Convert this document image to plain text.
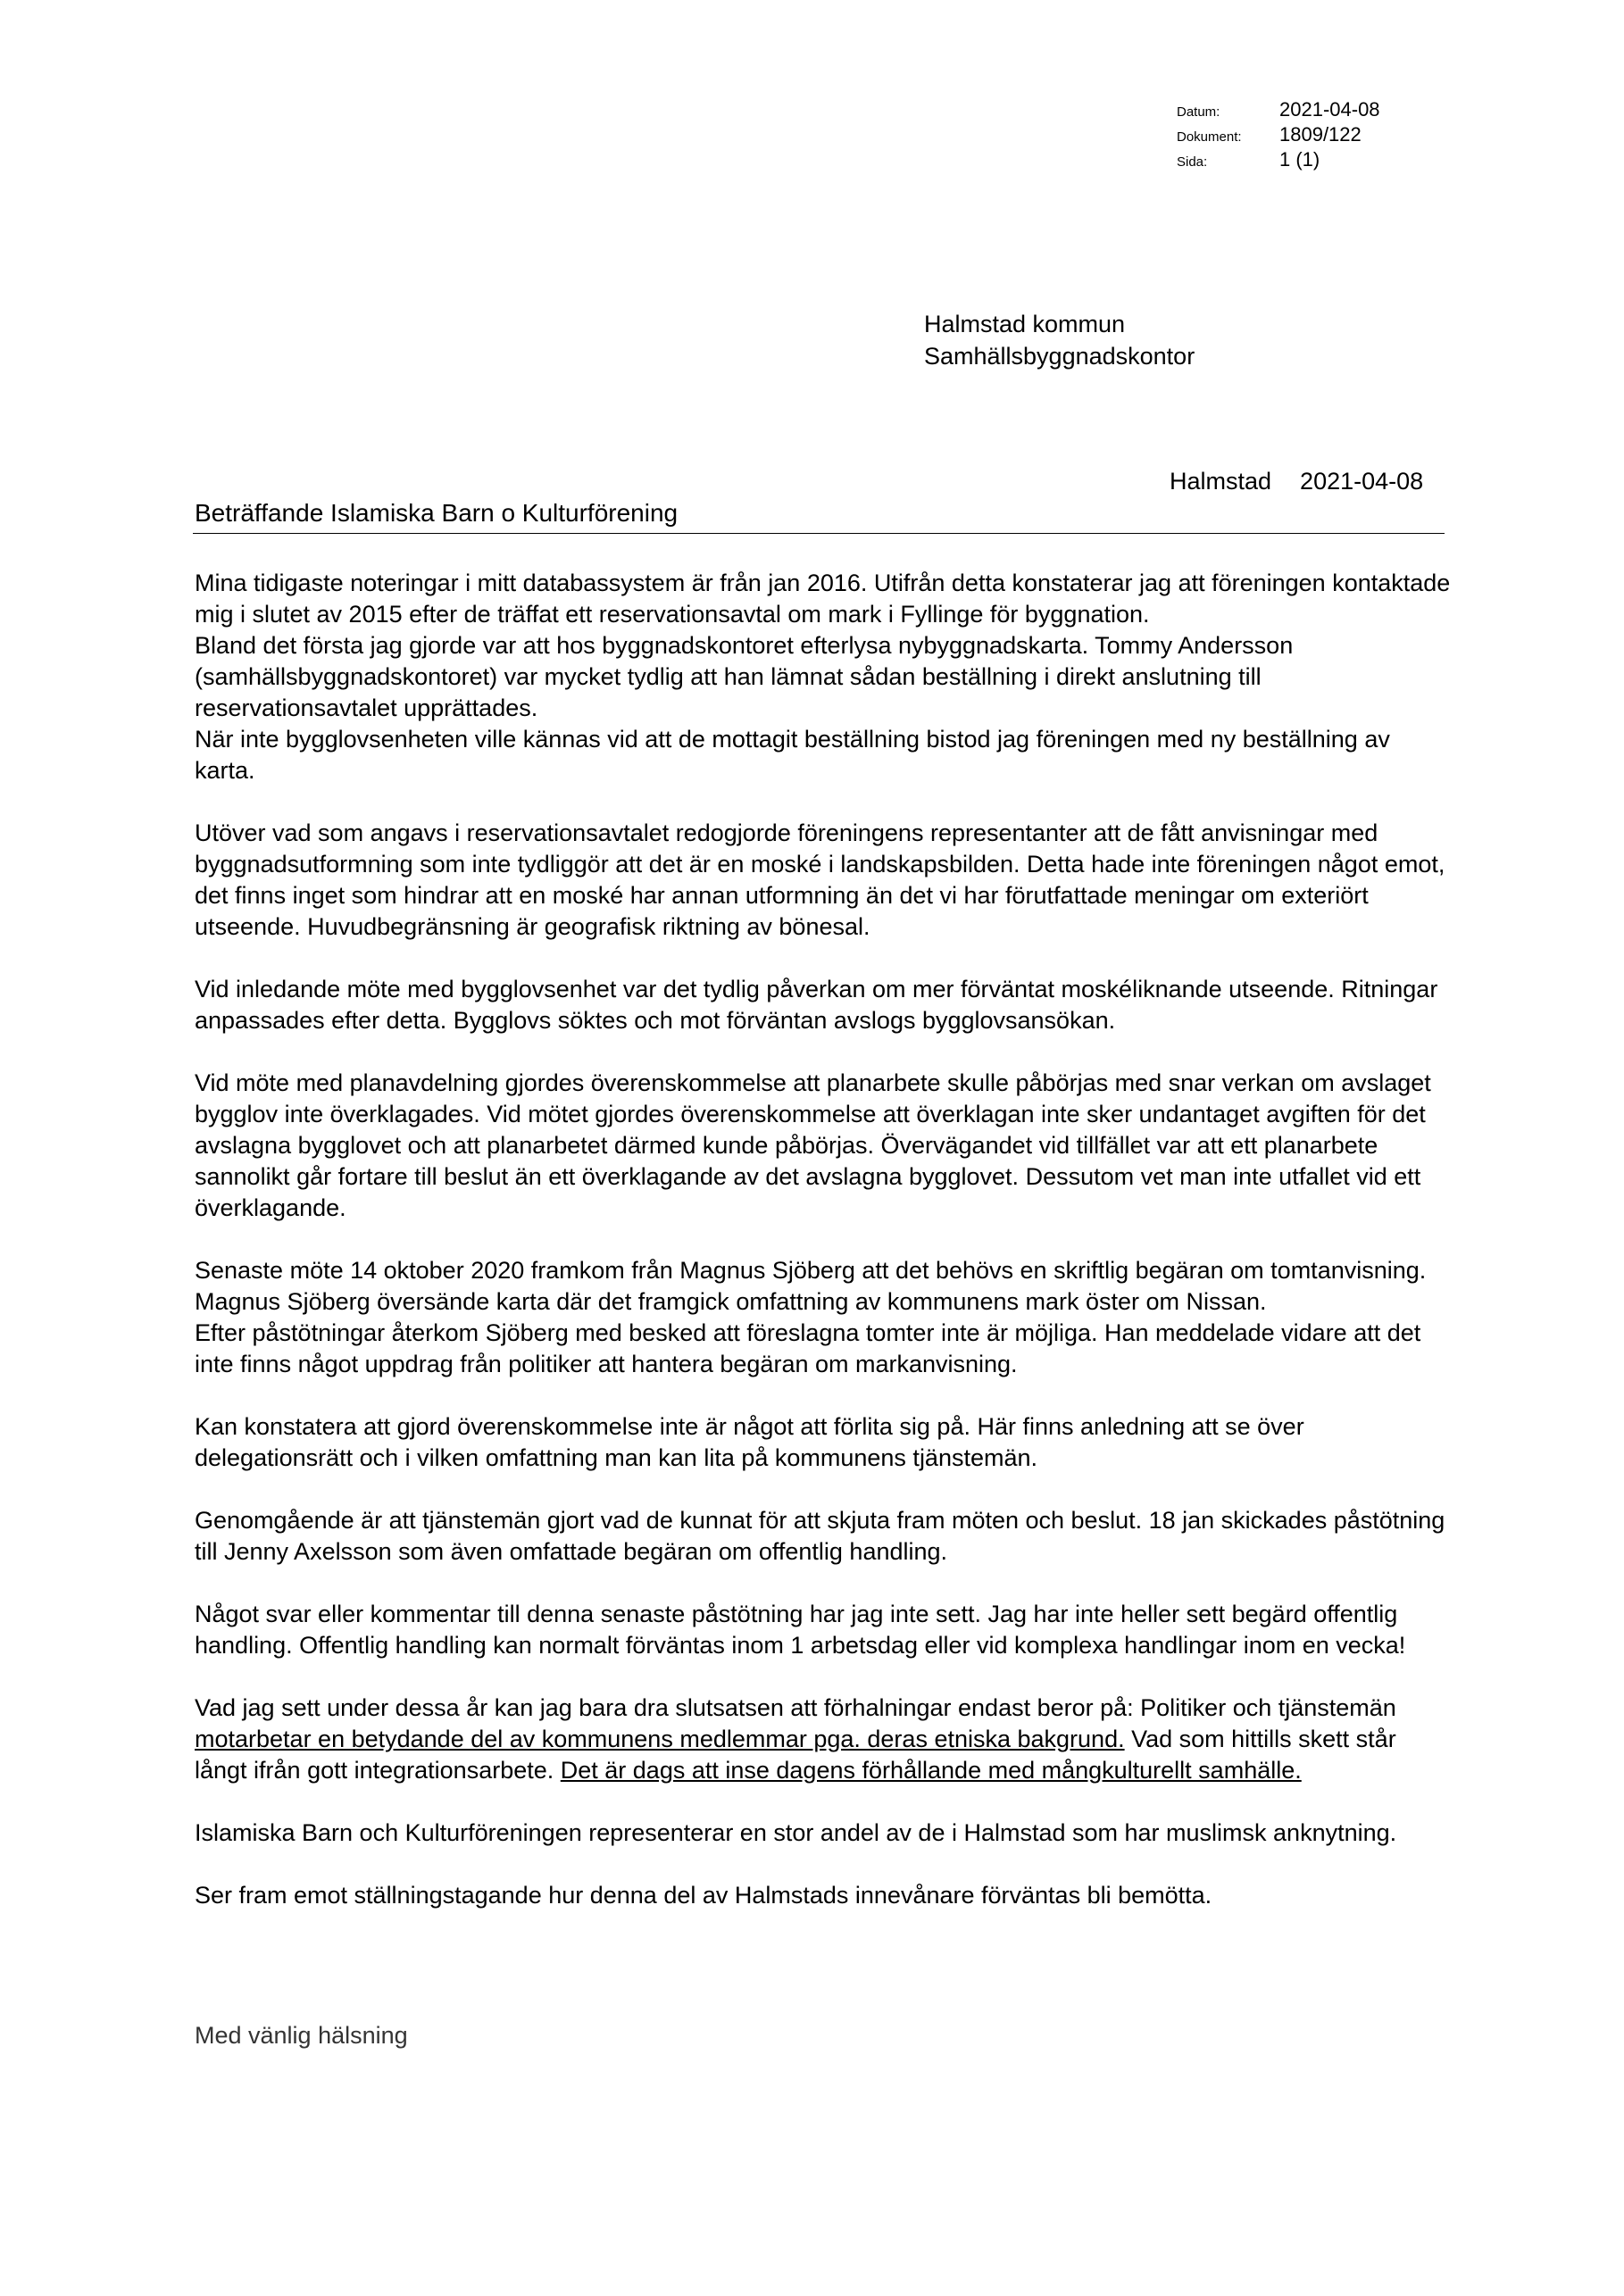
Datum:	2021-04-08
Dokument:	1809/122
Sida:	1 (1)
Halmstad kommun
Samhällsbyggnadskontor
Halmstad 2021-04-08
Beträffande Islamiska Barn o Kulturförening
Mina tidigaste noteringar i mitt databassystem är från jan 2016. Utifrån detta konstaterar jag att föreningen kontaktade mig i slutet av 2015 efter de träffat ett reservationsavtal om mark i Fyllinge för byggnation.
Bland det första jag gjorde var att hos byggnadskontoret efterlysa nybyggnadskarta. Tommy Andersson (samhällsbyggnadskontoret) var mycket tydlig att han lämnat sådan beställning i direkt anslutning till reservationsavtalet upprättades.
När inte bygglovsenheten ville kännas vid att de mottagit beställning bistod jag föreningen med ny beställning av karta.
Utöver vad som angavs i reservationsavtalet redogjorde föreningens representanter att de fått anvisningar med byggnadsutformning som inte tydliggör att det är en moské i landskapsbilden. Detta hade inte föreningen något emot, det finns inget som hindrar att en moské har annan utformning än det vi har förutfattade meningar om exteriört utseende. Huvudbegränsning är geografisk riktning av bönesal.
Vid inledande möte med bygglovsenhet var det tydlig påverkan om mer förväntat moskéliknande utseende. Ritningar anpassades efter detta. Bygglovs söktes och mot förväntan avslogs bygglovsansökan.
Vid möte med planavdelning gjordes överenskommelse att planarbete skulle påbörjas med snar verkan om avslaget bygglov inte överklagades. Vid mötet gjordes överenskommelse att överklagan inte sker undantaget avgiften för det avslagna bygglovet och att planarbetet därmed kunde påbörjas. Övervägandet vid tillfället var att ett planarbete sannolikt går fortare till beslut än ett överklagande av det avslagna bygglovet. Dessutom vet man inte utfallet vid ett överklagande.
Senaste möte 14 oktober 2020 framkom från Magnus Sjöberg att det behövs en skriftlig begäran om tomtanvisning. Magnus Sjöberg översände karta där det framgick omfattning av kommunens mark öster om Nissan.
Efter påstötningar återkom Sjöberg med besked att föreslagna tomter inte är möjliga. Han meddelade vidare att det inte finns något uppdrag från politiker att hantera begäran om markanvisning.
Kan konstatera att gjord överenskommelse inte är något att förlita sig på. Här finns anledning att se över delegationsrätt och i vilken omfattning man kan lita på kommunens tjänstemän.
Genomgående är att tjänstemän gjort vad de kunnat för att skjuta fram möten och beslut. 18 jan skickades påstötning till Jenny Axelsson som även omfattade begäran om offentlig handling.
Något svar eller kommentar till denna senaste påstötning har jag inte sett. Jag har inte heller sett begärd offentlig handling. Offentlig handling kan normalt förväntas inom 1 arbetsdag eller vid komplexa handlingar inom en vecka!
Vad jag sett under dessa år kan jag bara dra slutsatsen att förhalningar endast beror på: Politiker och tjänstemän motarbetar en betydande del av kommunens medlemmar pga. deras etniska bakgrund. Vad som hittills skett står långt ifrån gott integrationsarbete. Det är dags att inse dagens förhållande med mångkulturellt samhälle.
Islamiska Barn och Kulturföreningen representerar en stor andel av de i Halmstad som har muslimsk anknytning.
Ser fram emot ställningstagande hur denna del av Halmstads innevånare förväntas bli bemötta.
Med vänlig hälsning
